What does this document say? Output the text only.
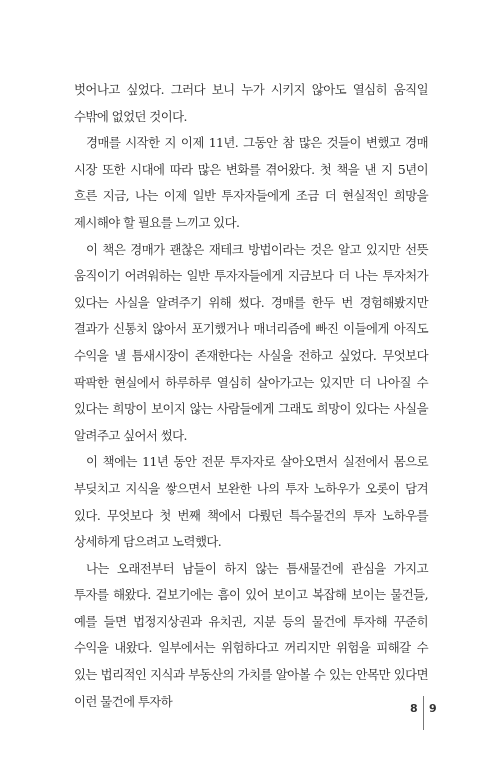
벗어나고 싶었다. 그러다 보니 누가 시키지 않아도 열심히 움직일 수밖에 없었던 것이다.

경매를 시작한 지 이제 11년. 그동안 참 많은 것들이 변했고 경매 시장 또한 시대에 따라 많은 변화를 겪어왔다. 첫 책을 낸 지 5년이 흐른 지금, 나는 이제 일반 투자자들에게 조금 더 현실적인 희망을 제시해야 할 필요를 느끼고 있다.

이 책은 경매가 괜찮은 재테크 방법이라는 것은 알고 있지만 선뜻 움직이기 어려워하는 일반 투자자들에게 지금보다 더 나는 투자처가 있다는 사실을 알려주기 위해 썼다. 경매를 한두 번 경험해봤지만 결과가 신통치 않아서 포기했거나 매너리즘에 빠진 이들에게 아직도 수익을 낼 틈새시장이 존재한다는 사실을 전하고 싶었다. 무엇보다 팍팍한 현실에서 하루하루 열심히 살아가고는 있지만 더 나아질 수 있다는 희망이 보이지 않는 사람들에게 그래도 희망이 있다는 사실을 알려주고 싶어서 썼다.

이 책에는 11년 동안 전문 투자자로 살아오면서 실전에서 몸으로 부딪치고 지식을 쌓으면서 보완한 나의 투자 노하우가 오롯이 담겨 있다. 무엇보다 첫 번째 책에서 다뤘던 특수물건의 투자 노하우를 상세하게 담으려고 노력했다.

나는 오래전부터 남들이 하지 않는 틈새물건에 관심을 가지고 투자를 해왔다. 겉보기에는 흠이 있어 보이고 복잡해 보이는 물건들, 예를 들면 법정지상권과 유치권, 지분 등의 물건에 투자해 꾸준히 수익을 내왔다. 일부에서는 위험하다고 꺼리지만 위험을 피해갈 수 있는 법리적인 지식과 부동산의 가치를 알아볼 수 있는 안목만 있다면 이런 물건에 투자하	8 9
